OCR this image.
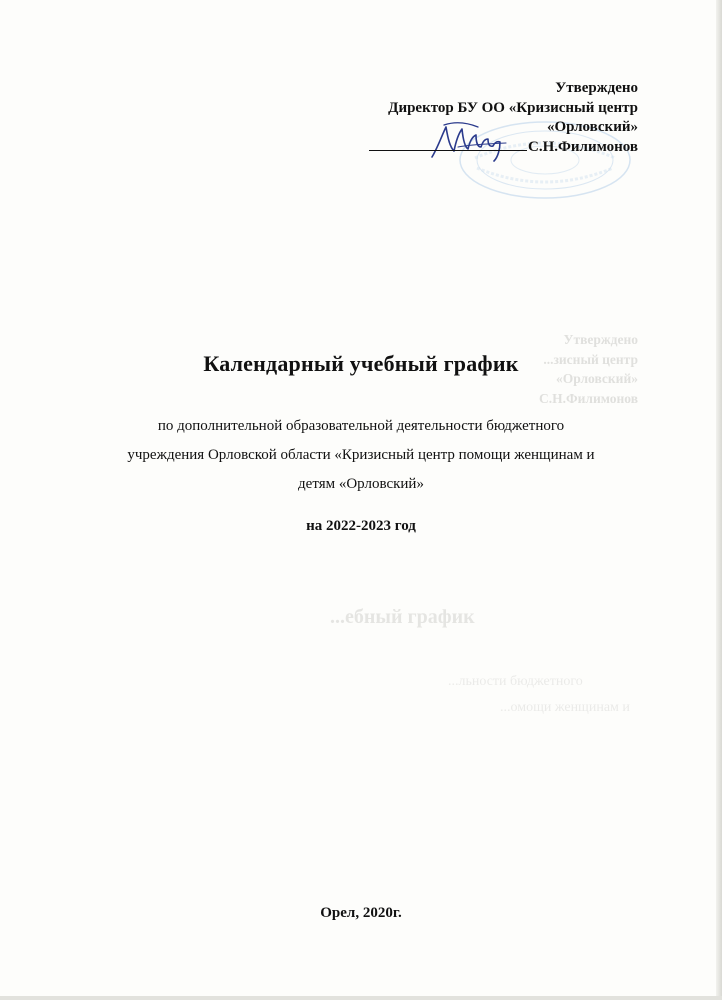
Утверждено
Директор БУ ОО «Кризисный центр
«Орловский»
С.Н.Филимонов
Утверждено
...зисный центр
«Орловский»
С.Н.Филимонов
...ебный график
...льности бюджетного
...омощи женщинам и
Календарный учебный график
по дополнительной образовательной деятельности бюджетного
учреждения Орловской области «Кризисный центр помощи женщинам и
детям «Орловский»
на 2022-2023 год
Орел, 2020г.
